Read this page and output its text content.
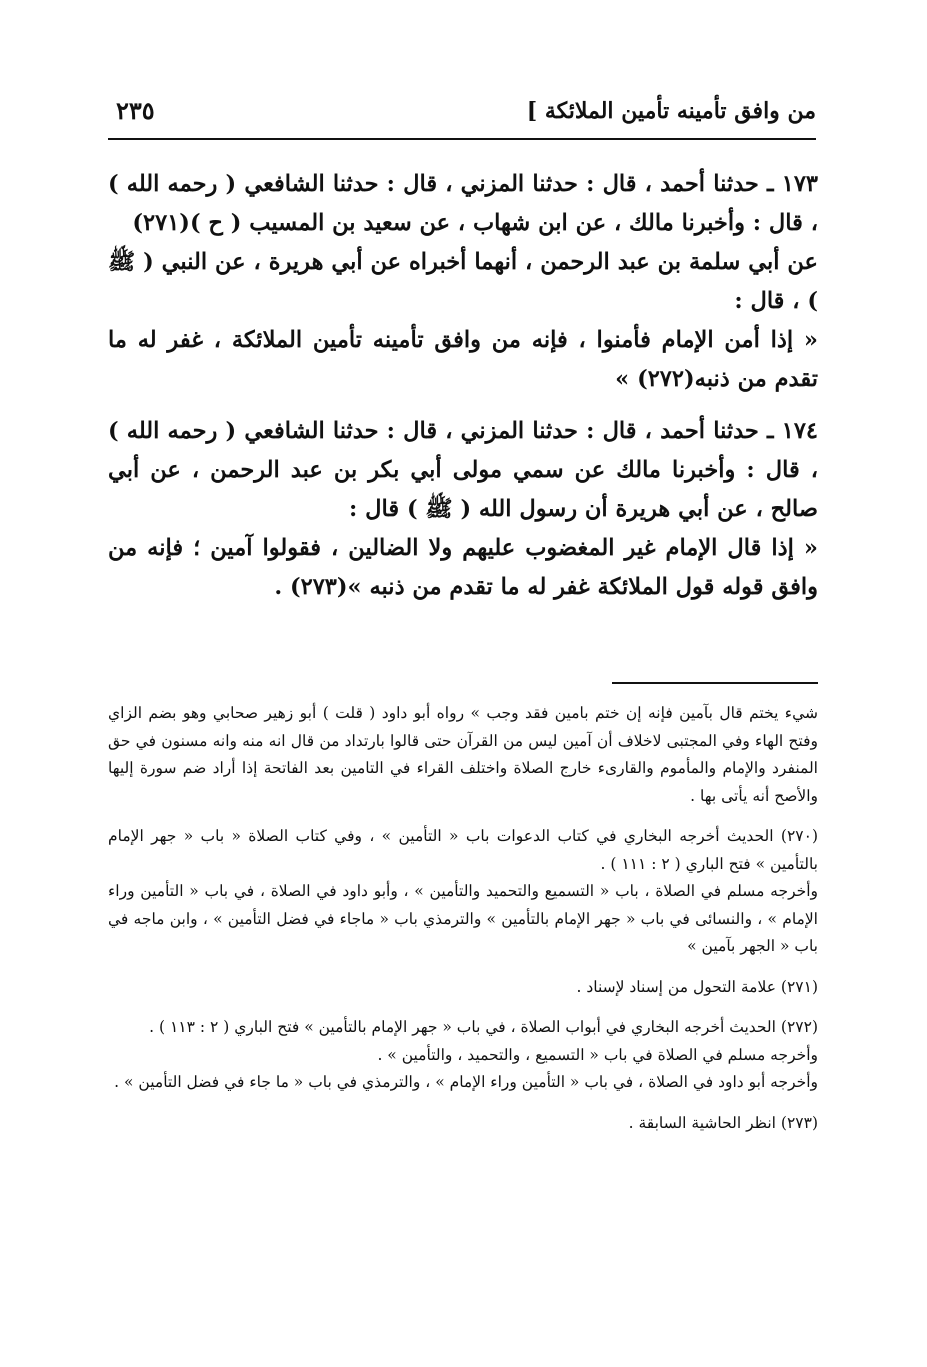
من وافق تأمينه تأمين الملائكة ]
٢٣٥

١٧٣ ـ حدثنا أحمد ، قال : حدثنا المزني ، قال : حدثنا الشافعي ( رحمه الله ) ، قال : وأخبرنا مالك ، عن ابن شهاب ، عن سعيد بن المسيب ( ح )(٢٧١)

عن أبي سلمة بن عبد الرحمن ، أنهما أخبراه عن أبي هريرة ، عن النبي ( ﷺ ) ، قال :

« إذا أمن الإمام فأمنوا ، فإنه من وافق تأمينه تأمين الملائكة ، غفر له ما تقدم من ذنبه(٢٧٢) »

١٧٤ ـ حدثنا أحمد ، قال : حدثنا المزني ، قال : حدثنا الشافعي ( رحمه الله ) ، قال : وأخبرنا مالك عن سمي مولى أبي بكر بن عبد الرحمن ، عن أبي صالح ، عن أبي هريرة أن رسول الله ( ﷺ ) قال :

« إذا قال الإمام غير المغضوب عليهم ولا الضالين ، فقولوا آمين ؛ فإنه من وافق قوله قول الملائكة غفر له ما تقدم من ذنبه »(٢٧٣) .

شيء يختم قال بآمين فإنه إن ختم بامين فقد وجب » رواه أبو داود ( قلت ) أبو زهير صحابي وهو بضم الزاي وفتح الهاء وفي المجتبى لاخلاف أن آمين ليس من القرآن حتى قالوا بارتداد من قال انه منه وانه مسنون في حق المنفرد والإمام والمأموم والقارىء خارج الصلاة واختلف القراء في التامين بعد الفاتحة إذا أراد ضم سورة إليها والأصح أنه يأتى بها .

(٢٧٠) الحديث أخرجه البخاري في كتاب الدعوات باب « التأمين » ، وفي كتاب الصلاة « باب « جهر الإمام بالتأمين » فتح الباري ( ٢ : ١١١ ) .

وأخرجه مسلم في الصلاة ، باب « التسميع والتحميد والتأمين » ، وأبو داود في الصلاة ، في باب « التأمين وراء الإمام » ، والنسائى في باب « جهر الإمام بالتأمين » والترمذي باب « ماجاء في فضل التأمين » ، وابن ماجه في باب « الجهر بآمين »

(٢٧١) علامة التحول من إسناد لإسناد .

(٢٧٢) الحديث أخرجه البخاري في أبواب الصلاة ، في باب « جهر الإمام بالتأمين » فتح الباري ( ٢ : ١١٣ ) .

وأخرجه مسلم في الصلاة في باب « التسميع ، والتحميد ، والتأمين » .

وأخرجه أبو داود في الصلاة ، في باب « التأمين وراء الإمام » ، والترمذي في باب « ما جاء في فضل التأمين » .

(٢٧٣) انظر الحاشية السابقة .
